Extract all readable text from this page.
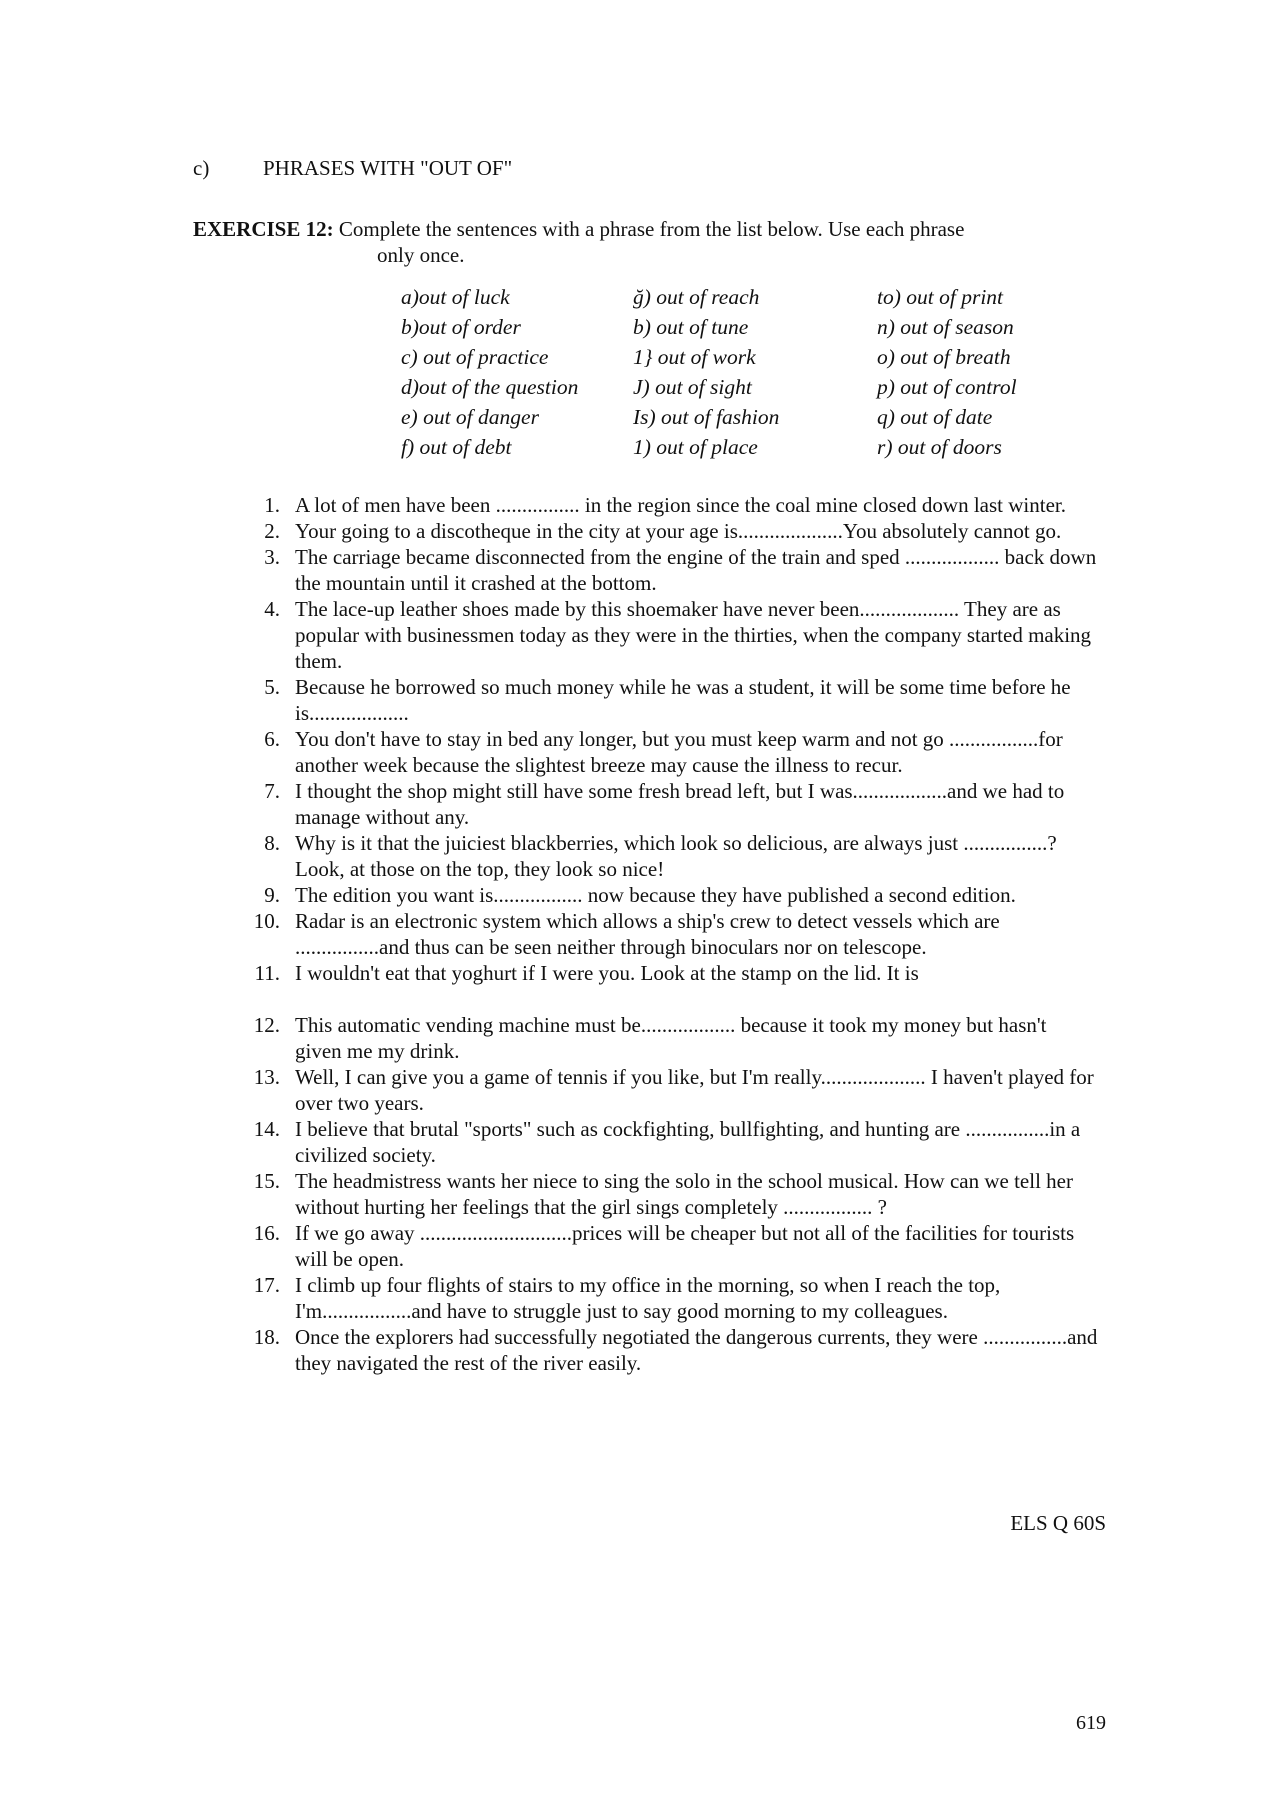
c)	PHRASES WITH "OUT OF"
EXERCISE 12: Complete the sentences with a phrase from the list below. Use each phrase
only once.
a)out of luck	ğ) out of reach	to) out of print
b)out of order	b) out of tune	n) out of season
c) out of practice	1} out of work	o) out of breath
d)out of the question	J) out of sight	p) out of control
e) out of danger	Is) out of fashion	q) out of date
f) out of debt	1) out of place	r) out of doors
1. A lot of men have been ................ in the region since the coal mine closed down last winter.
2. Your going to a discotheque in the city at your age is....................You absolutely cannot go.
3. The carriage became disconnected from the engine of the train and sped .................. back down the mountain until it crashed at the bottom.
4. The lace-up leather shoes made by this shoemaker have never been................... They are as popular with businessmen today as they were in the thirties, when the company started making them.
5. Because he borrowed so much money while he was a student, it will be some time before he is...................
6. You don't have to stay in bed any longer, but you must keep warm and not go .................for another week because the slightest breeze may cause the illness to recur.
7. I thought the shop might still have some fresh bread left, but I was..................and we had to manage without any.
8. Why is it that the juiciest blackberries, which look so delicious, are always just ................? Look, at those on the top, they look so nice!
9. The edition you want is................. now because they have published a second edition.
10. Radar is an electronic system which allows a ship's crew to detect vessels which are ................and thus can be seen neither through binoculars nor on telescope.
11. I wouldn't eat that yoghurt if I were you. Look at the stamp on the lid. It is
12. This automatic vending machine must be.................. because it took my money but hasn't given me my drink.
13. Well, I can give you a game of tennis if you like, but I'm really.................... I haven't played for over two years.
14. I believe that brutal "sports" such as cockfighting, bullfighting, and hunting are ................in a civilized society.
15. The headmistress wants her niece to sing the solo in the school musical. How can we tell her without hurting her feelings that the girl sings completely ................. ?
16. If we go away .............................prices will be cheaper but not all of the facilities for tourists will be open.
17. I climb up four flights of stairs to my office in the morning, so when I reach the top, I'm.................and have to struggle just to say good morning to my colleagues.
18. Once the explorers had successfully negotiated the dangerous currents, they were ................and they navigated the rest of the river easily.
ELS Q 60S
619
